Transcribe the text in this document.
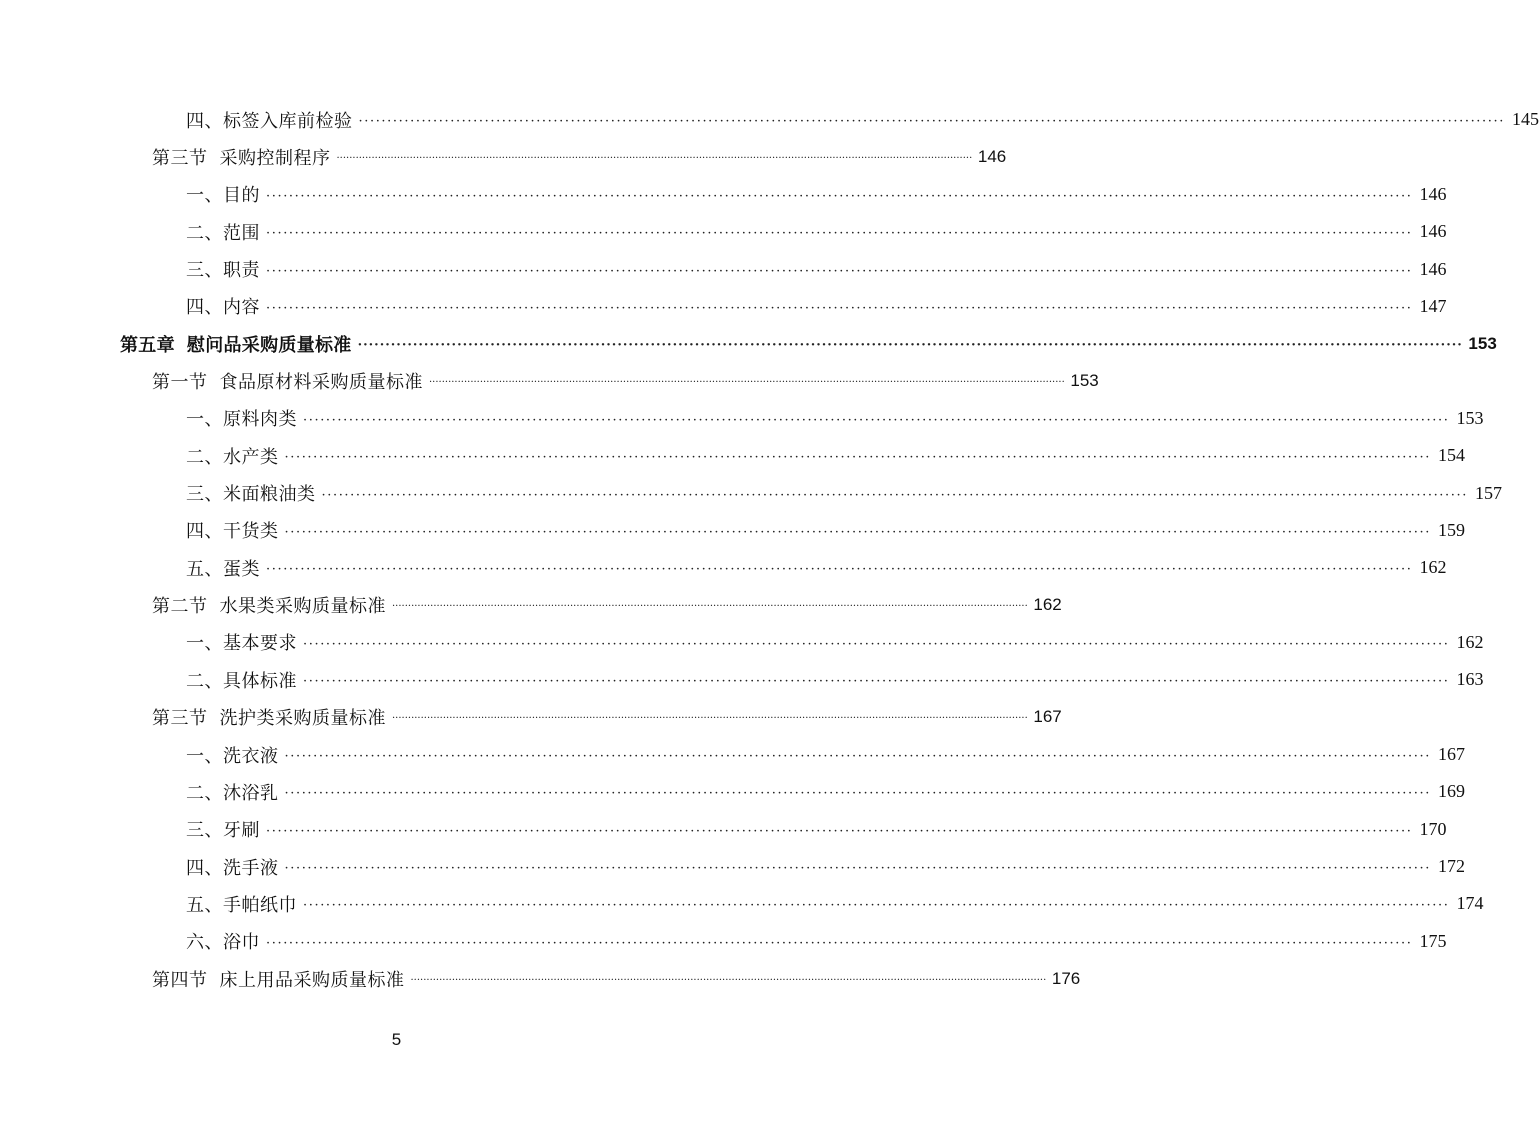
四、标签入库前检验 ········································································································································································································ 145
第三节 采购控制程序 ········································································································································································································ 146
一、目的 ········································································································································································································ 146
二、范围 ········································································································································································································ 146
三、职责 ········································································································································································································ 146
四、内容 ········································································································································································································ 147
第五章 慰问品采购质量标准 ········································································································································································································ 153
第一节 食品原材料采购质量标准 ········································································································································································································ 153
一、原料肉类 ········································································································································································································ 153
二、水产类 ········································································································································································································ 154
三、米面粮油类 ········································································································································································································ 157
四、干货类 ········································································································································································································ 159
五、蛋类 ········································································································································································································ 162
第二节 水果类采购质量标准 ········································································································································································································ 162
一、基本要求 ········································································································································································································ 162
二、具体标准 ········································································································································································································ 163
第三节 洗护类采购质量标准 ········································································································································································································ 167
一、洗衣液 ········································································································································································································ 167
二、沐浴乳 ········································································································································································································ 169
三、牙刷 ········································································································································································································ 170
四、洗手液 ········································································································································································································ 172
五、手帕纸巾 ········································································································································································································ 174
六、浴巾 ········································································································································································································ 175
第四节 床上用品采购质量标准 ········································································································································································································ 176
5
